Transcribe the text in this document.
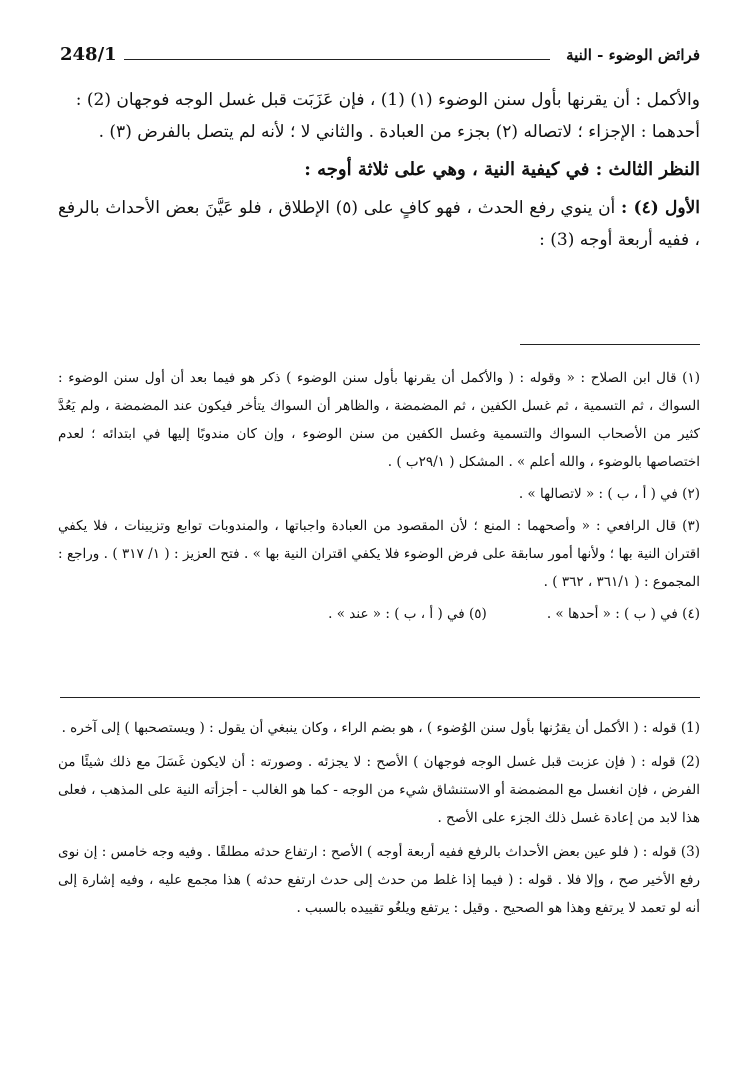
248/1	فرائض الوضوء - النية

والأكمل : أن يقرنها بأول سنن الوضوء (١) (1) ، فإن عَزَبَت قبل غسل الوجه فوجهان (2) :

أحدهما : الإجزاء ؛ لاتصاله (٢) بجزء من العبادة . والثاني لا ؛ لأنه لم يتصل بالفرض (٣) .

النظر الثالث : في كيفية النية ، وهي على ثلاثة أوجه :

الأول (٤) : أن ينوي رفع الحدث ، فهو كافٍ على (٥) الإطلاق ، فلو عَيَّنَ بعض الأحداث بالرفع ، ففيه أربعة أوجه (3) :

(١) قال ابن الصلاح : « وقوله : ( والأكمل أن يقرنها بأول سنن الوضوء ) ذكر هو فيما بعد أن أول سنن الوضوء : السواك ، ثم التسمية ، ثم غسل الكفين ، ثم المضمضة ، والظاهر أن السواك يتأخر فيكون عند المضمضة ، ولم يَعُدَّ كثير من الأصحاب السواك والتسمية وغسل الكفين من سنن الوضوء ، وإن كان مندوبًا إليها في ابتدائه ؛ لعدم اختصاصها بالوضوء ، والله أعلم » . المشكل ( ٢٩/١ب ) .

(٢) في ( أ ، ب ) : « لاتصالها » .

(٣) قال الرافعي : « وأصحهما : المنع ؛ لأن المقصود من العبادة واجباتها ، والمندوبات توابع وتزيينات ، فلا يكفي اقتران النية بها ؛ ولأنها أمور سابقة على فرض الوضوء فلا يكفي اقتران النية بها » . فتح العزيز : ( ١/ ٣١٧ ) . وراجع : المجموع : ( ٣٦١/١ ، ٣٦٢ ) .

(٤) في ( ب ) : « أحدها » .
(٥) في ( أ ، ب ) : « عند » .

(1) قوله : ( الأكمل أن يقرُنها بأول سنن الوُضوء ) ، هو بضم الراء ، وكان ينبغي أن يقول : ( ويستصحبها ) إلى آخره .

(2) قوله : ( فإن عزبت قبل غسل الوجه فوجهان ) الأصح : لا يجزئه . وصورته : أن لايكون غَسَلَ مع ذلك شيئًا من الفرض ، فإن انغسل مع المضمضة أو الاستنشاق شيء من الوجه - كما هو الغالب - أجزأته النية على المذهب ، فعلى هذا لابد من إعادة غسل ذلك الجزء على الأصح .

(3) قوله : ( فلو عين بعض الأحداث بالرفع ففيه أربعة أوجه ) الأصح : ارتفاع حدثه مطلقًا . وفيه وجه خامس : إن نوى رفع الأخير صح ، وإلا فلا . قوله : ( فيما إذا غلط من حدث إلى حدث ارتفع حدثه ) هذا مجمع عليه ، وفيه إشارة إلى أنه لو تعمد لا يرتفع وهذا هو الصحيح . وقيل : يرتفع ويلغُو تقييده بالسبب .
